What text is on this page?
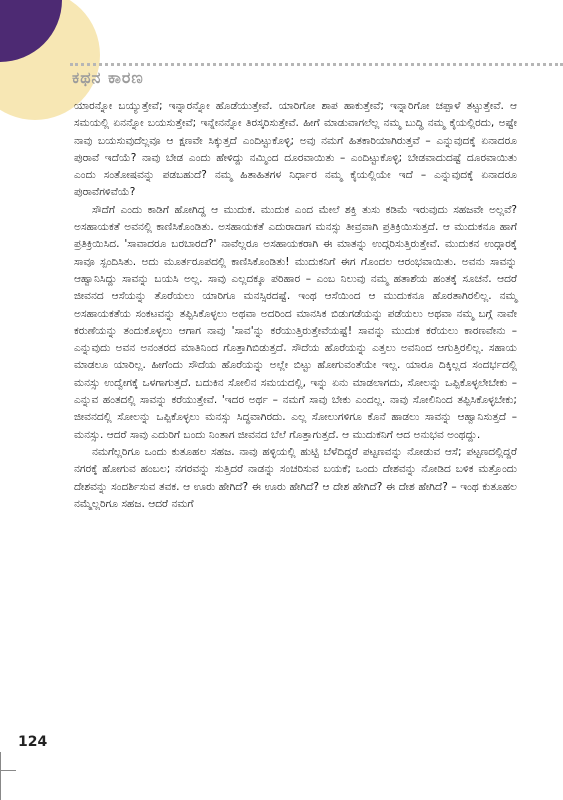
ಕಥನ ಕಾರಣ

ಯಾರನ್ನೋ ಬಯ್ಯುತ್ತೇವೆ; ಇನ್ನಾರನ್ನೋ ಹೊಡೆಯುತ್ತೇವೆ. ಯಾರಿಗೋ ಶಾಪ ಹಾಕುತ್ತೇವೆ; ಇನ್ನಾರಿಗೋ ಚಪ್ಪಾಳೆ ತಟ್ಟುತ್ತೇವೆ. ಆ ಸಮಯಲ್ಲಿ ಏನನ್ನೋ ಬಯಸುತ್ತೇವೆ; ಇನ್ನೇನನ್ನೋ ತಿರಸ್ಕರಿಸುತ್ತೇವೆ. ಹೀಗೆ ಮಾಡುವಾಗಲೆಲ್ಲ ನಮ್ಮ ಬುದ್ಧಿ ನಮ್ಮ ಕೈಯಲ್ಲಿರದು, ಅಷ್ಟೇ ನಾವು ಬಯಸುವುದೆಲ್ಲವೂ ಆ ಕ್ಷಣವೇ ಸಿಕ್ಕುತ್ತದೆ ಎಂದಿಟ್ಟುಕೊಳ್ಳಿ; ಅವು ನಮಗೆ ಹಿತಕಾರಿಯಾಗಿರುತ್ತವೆ – ಎನ್ನುವುದಕ್ಕೆ ಏನಾದರೂ ಪುರಾವೆ ಇದೆಯೆ? ನಾವು ಬೇಡ ಎಂದು ಹೇಳಿದ್ದು ನಮ್ಮಿಂದ ದೂರವಾಯಿತು – ಎಂದಿಟ್ಟುಕೊಳ್ಳಿ; ಬೇಡವಾದುದಷ್ಟೆ ದೂರವಾಯಿತು ಎಂದು ಸಂತೋಷವನ್ನು ಪಡಬಹುದೆ? ನಮ್ಮ ಹಿತಾಹಿತಗಳ ನಿರ್ಧಾರ ನಮ್ಮ ಕೈಯಲ್ಲಿಯೇ ಇದೆ – ಎನ್ನುವುದಕ್ಕೆ ಏನಾದರೂ ಪುರಾವೆಗಳಿವೆಯೆ?

ಸೌದೆಗೆ ಎಂದು ಕಾಡಿಗೆ ಹೋಗಿದ್ದ ಆ ಮುದುಕ. ಮುದುಕ ಎಂದ ಮೇಲೆ ಶಕ್ತಿ ತುಸು ಕಡಿಮೆ ಇರುವುದು ಸಹಜವೇ ಅಲ್ಲವೆ? ಅಸಹಾಯಕತೆ ಅವನಲ್ಲಿ ಕಾಣಿಸಿಕೊಂಡಿತು. ಅಸಹಾಯಕತೆ ಎದುರಾದಾಗ ಮನಸ್ಸು ತೀವ್ರವಾಗಿ ಪ್ರತಿಕ್ರಿಯಿಸುತ್ತದೆ. ಆ ಮುದುಕನೂ ಹಾಗೆ ಪ್ರತಿಕ್ರಿಯಿಸಿದ. 'ಸಾವಾದರೂ ಬರಬಾರದೆ?' ನಾವೆಲ್ಲರೂ ಅಸಹಾಯಕರಾಗಿ ಈ ಮಾತನ್ನು ಉದ್ಗರಿಸುತ್ತಿರುತ್ತೇವೆ. ಮುದುಕನ ಉದ್ಗಾರಕ್ಕೆ ಸಾವೂ ಸ್ಪಂದಿಸಿತು. ಅದು ಮೂರ್ತರೂಪದಲ್ಲಿ ಕಾಣಿಸಿಕೊಂಡಿತು! ಮುದುಕನಿಗೆ ಈಗ ಗೊಂದಲ ಆರಂಭವಾಯಿತು. ಅವನು ಸಾವನ್ನು ಆಹ್ವಾನಿಸಿದ್ದು ಸಾವನ್ನು ಬಯಸಿ ಅಲ್ಲ. ಸಾವು ಎಲ್ಲದಕ್ಕೂ ಪರಿಹಾರ – ಎಂಬ ನಿಲುವು ನಮ್ಮ ಹತಾಶೆಯ ಹಂತಕ್ಕೆ ಸೂಚನೆ. ಆದರೆ ಜೀವನದ ಆಸೆಯನ್ನು ತೊರೆಯಲು ಯಾರಿಗೂ ಮನಸ್ಸಿರದಷ್ಟೆ. ಇಂಥ ಆಸೆಯಿಂದ ಆ ಮುದುಕನೂ ಹೊರತಾಗಿರಲಿಲ್ಲ. ನಮ್ಮ ಅಸಹಾಯಕತೆಯ ಸಂಕಟವನ್ನು ತಪ್ಪಿಸಿಕೊಳ್ಳಲು ಅಥವಾ ಅದರಿಂದ ಮಾನಸಿಕ ಬಿಡುಗಡೆಯನ್ನು ಪಡೆಯಲು ಅಥವಾ ನಮ್ಮ ಬಗ್ಗೆ ನಾವೇ ಕರುಣೆಯನ್ನು ತಂದುಕೊಳ್ಳಲು ಆಗಾಗ ನಾವು 'ಸಾವ'ನ್ನು ಕರೆಯುತ್ತಿರುತ್ತೇವೆಯಷ್ಟೆ! ಸಾವನ್ನು ಮುದುಕ ಕರೆಯಲು ಕಾರಣವೇನು – ಎನ್ನುವುದು ಅವನ ಅನಂತರದ ಮಾತಿನಿಂದ ಗೊತ್ತಾಗಿಬಿಡುತ್ತದೆ. ಸೌದೆಯ ಹೊರೆಯನ್ನು ಎತ್ತಲು ಅವನಿಂದ ಆಗುತ್ತಿರಲಿಲ್ಲ. ಸಹಾಯ ಮಾಡಲೂ ಯಾರಿಲ್ಲ. ಹೀಗೆಂದು ಸೌದೆಯ ಹೊರೆಯನ್ನು ಅಲ್ಲೇ ಬಿಟ್ಟು ಹೋಗುವಂತೆಯೇ ಇಲ್ಲ. ಯಾರೂ ದಿಕ್ಕಿಲ್ಲದ ಸಂದರ್ಭದಲ್ಲಿ ಮನಸ್ಸು ಉದ್ವೇಗಕ್ಕೆ ಒಳಗಾಗುತ್ತದೆ. ಬದುಕಿನ ಸೋಲಿನ ಸಮಯದಲ್ಲಿ, ಇನ್ನು ಏನು ಮಾಡಲಾಗದು, ಸೋಲನ್ನು ಒಪ್ಪಿಕೊಳ್ಳಲೇಬೇಕು – ಎನ್ನುವ ಹಂತದಲ್ಲಿ ಸಾವನ್ನು ಕರೆಯುತ್ತೇವೆ. 'ಇದರ ಅರ್ಥ – ನಮಗೆ ಸಾವು ಬೇಕು ಎಂದಲ್ಲ. ನಾವು ಸೋಲಿನಿಂದ ತಪ್ಪಿಸಿಕೊಳ್ಳಬೇಕು; ಜೀವನದಲ್ಲಿ ಸೋಲನ್ನು ಒಪ್ಪಿಕೊಳ್ಳಲು ಮನಸ್ಸು ಸಿದ್ಧವಾಗಿರದು. ಎಲ್ಲ ಸೋಲುಗಳಿಗೂ ಕೊನೆ ಹಾಡಲು ಸಾವನ್ನು ಆಹ್ವಾನಿಸುತ್ತದೆ – ಮನಸ್ಸು. ಆದರೆ ಸಾವು ಎದುರಿಗೆ ಬಂದು ನಿಂತಾಗ ಜೀವನದ ಬೆಲೆ ಗೊತ್ತಾಗುತ್ತದೆ. ಆ ಮುದುಕನಿಗೆ ಆದ ಅನುಭವ ಅಂಥದ್ದು.

ನಮಗೆಲ್ಲರಿಗೂ ಒಂದು ಕುತೂಹಲ ಸಹಜ. ನಾವು ಹಳ್ಳಿಯಲ್ಲಿ ಹುಟ್ಟಿ ಬೆಳೆದಿದ್ದರೆ ಪಟ್ಟಣವನ್ನು ನೋಡುವ ಆಸೆ; ಪಟ್ಟಣದಲ್ಲಿದ್ದರೆ ನಗರಕ್ಕೆ ಹೋಗುವ ಹಂಬಲ; ನಗರವನ್ನು ಸುತ್ತಿದರೆ ನಾಡನ್ನು ಸಂಚರಿಸುವ ಬಯಕೆ; ಒಂದು ದೇಶವನ್ನು ನೋಡಿದ ಬಳಿಕ ಮತ್ತೊಂದು ದೇಶವನ್ನು ಸಂದರ್ಶಿಸುವ ತವಕ. ಆ ಊರು ಹೇಗಿದೆ? ಈ ಊರು ಹೇಗಿದೆ? ಆ ದೇಶ ಹೇಗಿದೆ? ಈ ದೇಶ ಹೇಗಿದೆ? – ಇಂಥ ಕುತೂಹಲ ನಮ್ಮೆಲ್ಲರಿಗೂ ಸಹಜ. ಆದರೆ ನಮಗೆ

124
